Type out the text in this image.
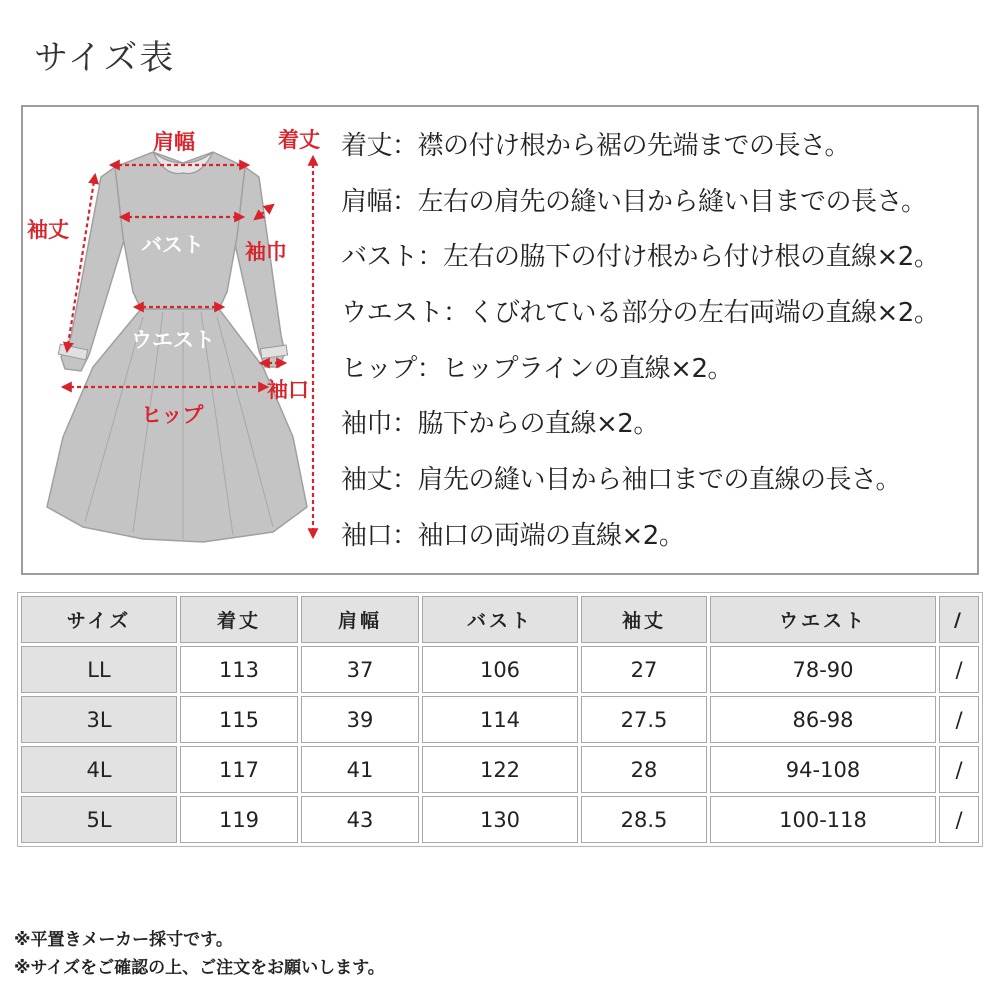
サイズ表
肩幅	着丈
袖丈
バスト 袖巾
ウエスト
袖口
ヒップ
着丈：襟の付け根から裾の先端までの長さ。
肩幅：左右の肩先の縫い目から縫い目までの長さ。
バスト：左右の脇下の付け根から付け根の直線×2。
ウエスト：くびれている部分の左右両端の直線×2。
ヒップ：ヒップラインの直線×2。
袖巾：脇下からの直線×2。
袖丈：肩先の縫い目から袖口までの直線の長さ。
袖口：袖口の両端の直線×2。
サイズ	着丈	肩幅	バスト	袖丈	ウエスト	/
LL	113	37	106	27	78-90	/
3L	115	39	114	27.5	86-98	/
4L	117	41	122	28	94-108	/
5L	119	43	130	28.5	100-118	/
※平置きメーカー採寸です。
※サイズをご確認の上、ご注文をお願いします。
